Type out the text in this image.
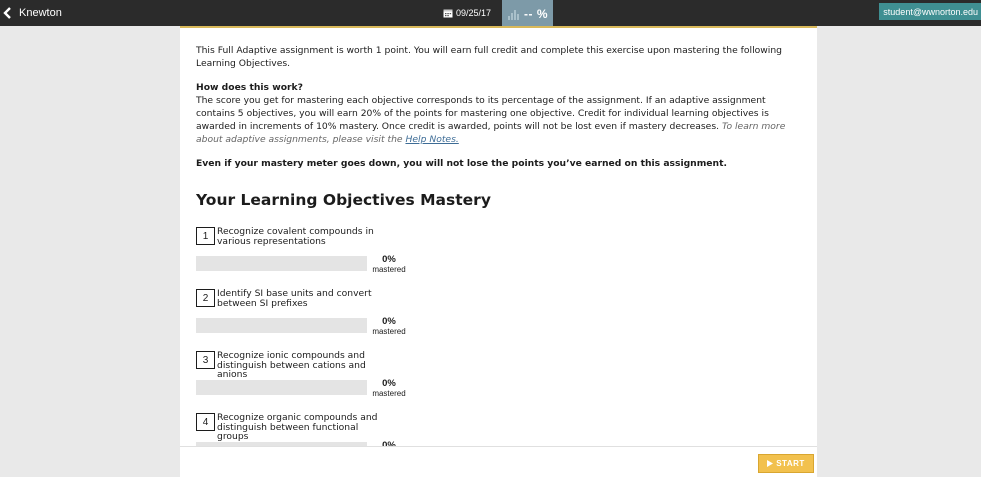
Knewton	09/25/17	-- %	student@wwnorton.edu

This Full Adaptive assignment is worth 1 point. You will earn full credit and complete this exercise upon mastering the following Learning Objectives.

How does this work?

The score you get for mastering each objective corresponds to its percentage of the assignment. If an adaptive assignment contains 5 objectives, you will earn 20% of the points for mastering one objective. Credit for individual learning objectives is awarded in increments of 10% mastery. Once credit is awarded, points will not be lost even if mastery decreases. To learn more about adaptive assignments, please visit the Help Notes.

Even if your mastery meter goes down, you will not lose the points you’ve earned on this assignment.

Your Learning Objectives Mastery
1 Recognize covalent compounds in various representations
0%
mastered
2 Identify SI base units and convert between SI prefixes
0%
mastered
3 Recognize ionic compounds and distinguish between cations and anions
0%
mastered
4 Recognize organic compounds and distinguish between functional groups
START
